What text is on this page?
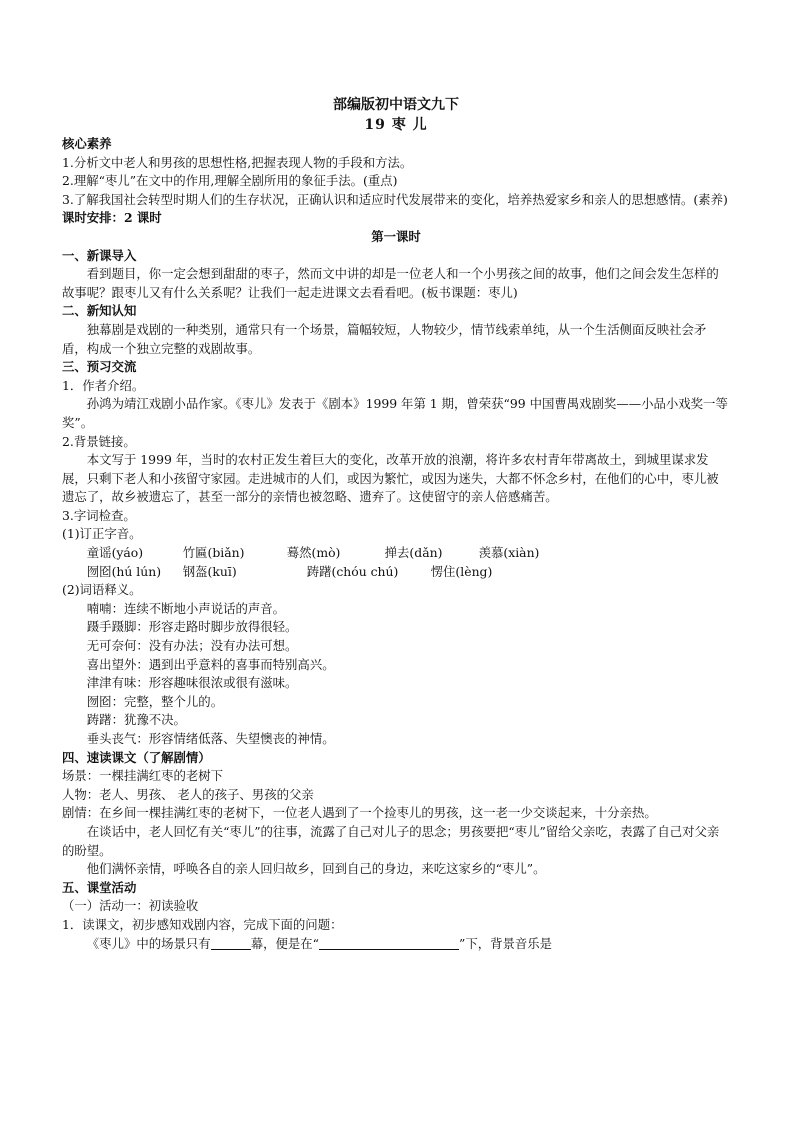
部编版初中语文九下
19 枣 儿
核心素养

1.分析文中老人和男孩的思想性格,把握表现人物的手段和方法。

2.理解“枣儿”在文中的作用,理解全剧所用的象征手法。(重点)

3.了解我国社会转型时期人们的生存状况，正确认识和适应时代发展带来的变化，培养热爱家乡和亲人的思想感情。(素养)

课时安排：2 课时
第一课时
一、新课导入

看到题目，你一定会想到甜甜的枣子，然而文中讲的却是一位老人和一个小男孩之间的故事，他们之间会发生怎样的故事呢？跟枣儿又有什么关系呢？让我们一起走进课文去看看吧。(板书课题：枣儿)

二、新知认知

独幕剧是戏剧的一种类别，通常只有一个场景，篇幅较短，人物较少，情节线索单纯，从一个生活侧面反映社会矛盾，构成一个独立完整的戏剧故事。

三、预习交流
1．作者介绍。

孙鸿为靖江戏剧小品作家。《枣儿》发表于《剧本》1999 年第 1 期，曾荣获“99 中国曹禺戏剧奖——小品小戏奖一等奖”。

2.背景链接。

本文写于 1999 年，当时的农村正发生着巨大的变化，改革开放的浪潮，将许多农村青年带离故土，到城里谋求发展，只剩下老人和小孩留守家园。走进城市的人们，或因为繁忙，或因为迷失，大都不怀念乡村，在他们的心中，枣儿被遗忘了，故乡被遗忘了，甚至一部分的亲情也被忽略、遗弃了。这使留守的亲人倍感痛苦。

3.字词检查。
(1)订正字音。
童谣(yáo)	竹匾(biǎn)	蓦然(mò)	掸去(dǎn)	羡慕(xiàn)
囫囵(hú lún) 钢盔(kuī)	踌躇(chóu chú)	愣住(lèng)
(2)词语释义。
喃喃：连续不断地小声说话的声音。
蹑手蹑脚：形容走路时脚步放得很轻。
无可奈何：没有办法；没有办法可想。
喜出望外：遇到出乎意料的喜事而特别高兴。
津津有味：形容趣味很浓或很有滋味。
囫囵：完整，整个儿的。
踌躇：犹豫不决。
垂头丧气：形容情绪低落、失望懊丧的神情。
四、速读课文（了解剧情）
场景：一棵挂满红枣的老树下
人物：老人、男孩、 老人的孩子、男孩的父亲

剧情：在乡间一棵挂满红枣的老树下，一位老人遇到了一个捡枣儿的男孩，这一老一少交谈起来，十分亲热。

在谈话中，老人回忆有关“枣儿”的往事，流露了自己对儿子的思念；男孩要把“枣儿”留给父亲吃，表露了自己对父亲的盼望。

他们满怀亲情，呼唤各自的亲人回归故乡，回到自己的身边，来吃这家乡的“枣儿”。

五、课堂活动
（一）活动一：初读验收
1．读课文，初步感知戏剧内容，完成下面的问题：
《枣儿》中的场景只有	幕，便是在“	”下，背景音乐是
